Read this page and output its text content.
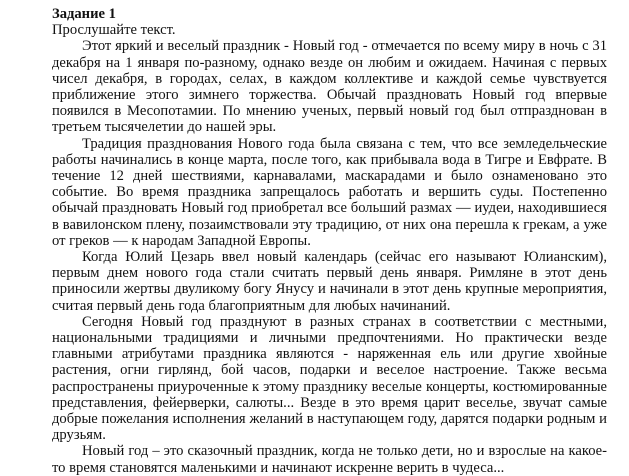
Задание 1

Прослушайте текст.

Этот яркий и веселый праздник - Новый год - отмечается по всему миру в ночь с 31 декабря на 1 января по-разному, однако везде он любим и ожидаем. Начиная с первых чисел декабря, в городах, селах, в каждом коллективе и каждой семье чувствуется приближение этого зимнего торжества. Обычай праздновать Новый год впервые появился в Месопотамии. По мнению ученых, первый новый год был отпразднован в третьем тысячелетии до нашей эры.

Традиция празднования Нового года была связана с тем, что все земледельческие работы начинались в конце марта, после того, как прибывала вода в Тигре и Евфрате. В течение 12 дней шествиями, карнавалами, маскарадами и было ознаменовано это событие. Во время праздника запрещалось работать и вершить суды. Постепенно обычай праздновать Новый год приобретал все больший размах — иудеи, находившиеся в вавилонском плену, позаимствовали эту традицию, от них она перешла к грекам, а уже от греков — к народам Западной Европы.

Когда Юлий Цезарь ввел новый календарь (сейчас его называют Юлианским), первым днем нового года стали считать первый день января. Римляне в этот день приносили жертвы двуликому богу Янусу и начинали в этот день крупные мероприятия, считая первый день года благоприятным для любых начинаний.

Сегодня Новый год празднуют в разных странах в соответствии с местными, национальными традициями и личными предпочтениями. Но практически везде главными атрибутами праздника являются - наряженная ель или другие хвойные растения, огни гирлянд, бой часов, подарки и веселое настроение. Также весьма распространены приуроченные к этому празднику веселые концерты, костюмированные представления, фейерверки, салюты... Везде в это время царит веселье, звучат самые добрые пожелания исполнения желаний в наступающем году, дарятся подарки родным и друзьям.

Новый год – это сказочный праздник, когда не только дети, но и взрослые на какое-то время становятся маленькими и начинают искренне верить в чудеса...
